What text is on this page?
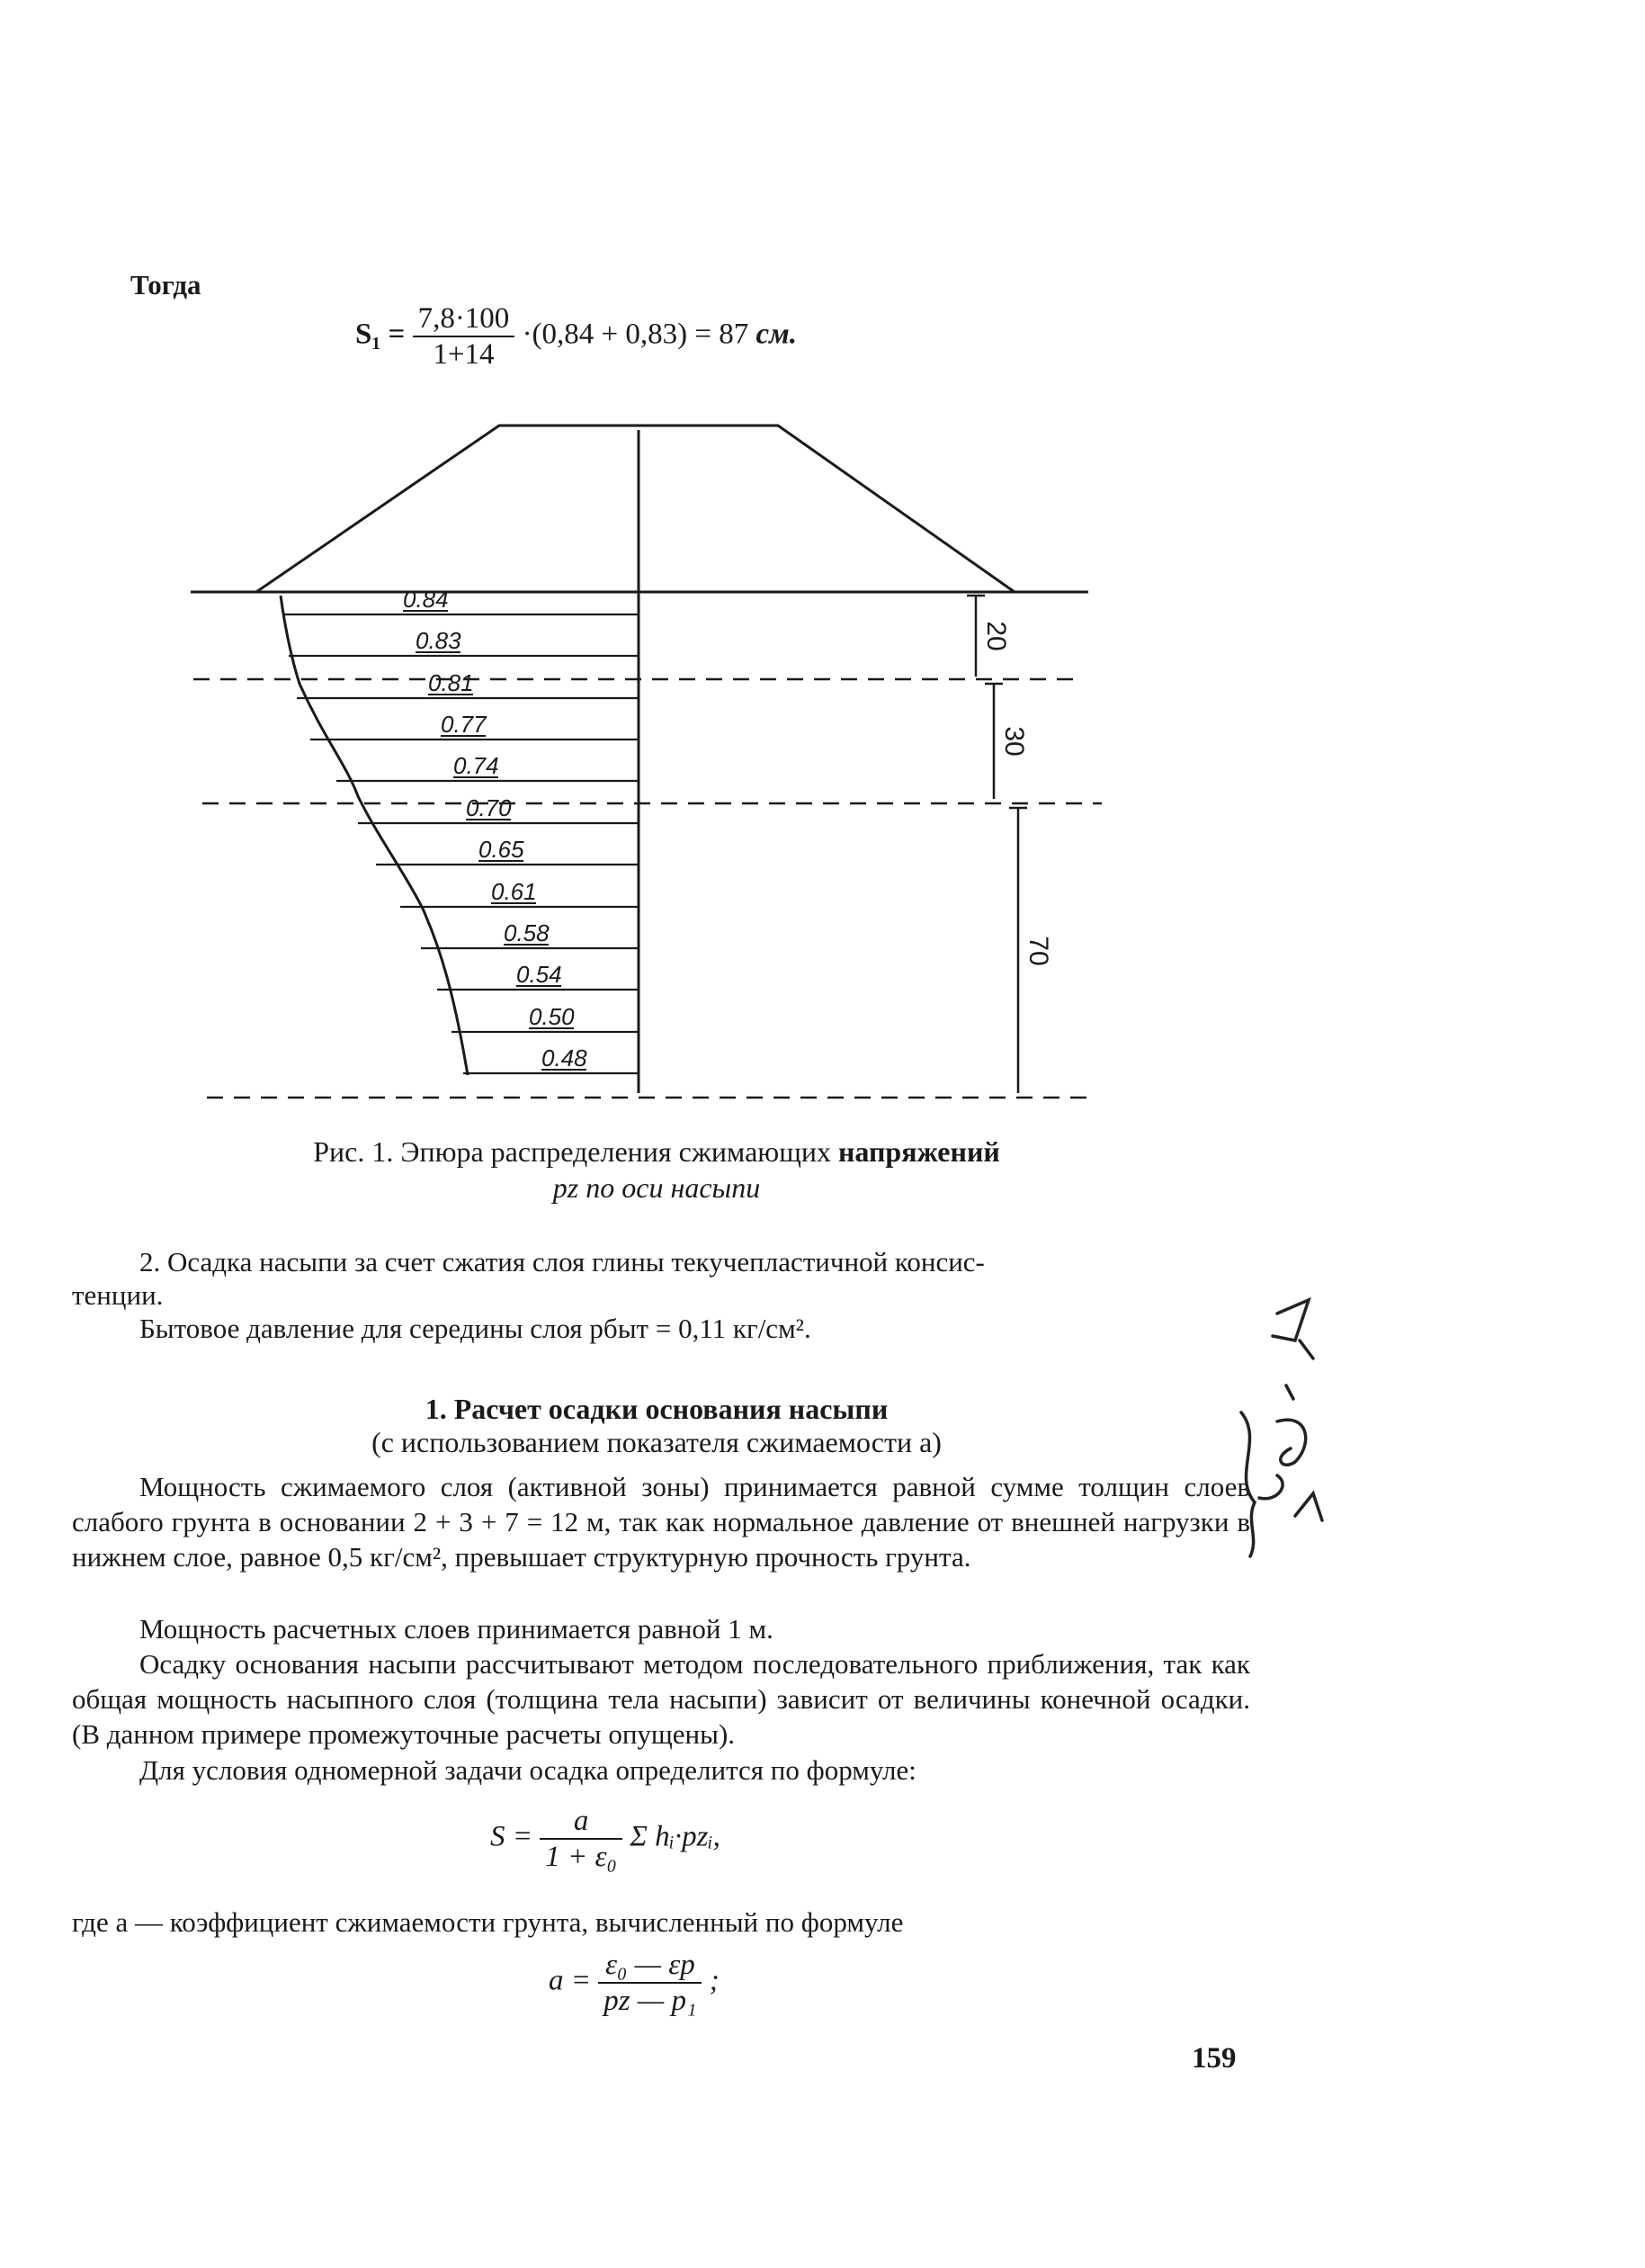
Тогда
$S_1 = \frac{7,8\cdot 100}{1+14} \cdot(0,84 + 0,83) = 87$ см.
0.84
0.83
0.81
0.77
0.74
0.70
0.65
0.61
0.58
0.54
0.50
0.48
20
30
70
Рис. 1. Эпюра распределения сжимающих напряжений
pz по оси насыпи
2. Осадка насыпи за счет сжатия слоя глины текучепластичной консис-
тенции.
Бытовое давление для середины слоя pбыт = 0,11 кг/см².
1. Расчет осадки основания насыпи
(с использованием показателя сжимаемости a)
Мощность сжимаемого слоя (активной зоны) принимается равной сумме толщин слоев слабого грунта в основании 2 + 3 + 7 = 12 м, так как нормальное давление от внешней нагрузки в нижнем слое, равное 0,5 кг/см², превышает структурную прочность грунта.
Мощность расчетных слоев принимается равной 1 м.
Осадку основания насыпи рассчитывают методом последовательного приближения, так как общая мощность насыпного слоя (толщина тела насыпи) зависит от величины конечной осадки. (В данном примере промежуточные расчеты опущены).
Для условия одномерной задачи осадка определится по формуле:
$S = \frac{a}{\text{1 + ε₀}}$ Σ hᵢ·pzᵢ,
где a — коэффициент сжимаемости грунта, вычисленный по формуле
$a = \frac{\text{ε₀ — εp}}{\text{pz — p₁}}$ ;
159
